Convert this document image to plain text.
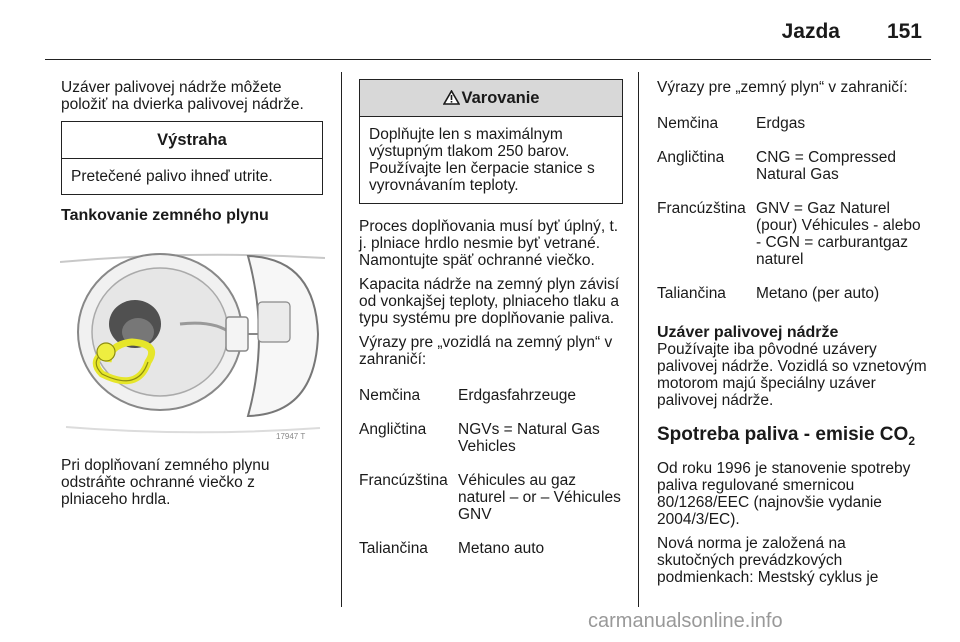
Jazda 151

Uzáver palivovej nádrže môžete položiť na dvierka palivovej nádrže.

Výstraha
Pretečené palivo ihneď utrite.

Tankovanie zemného plynu

17947 T

Pri doplňovaní zemného plynu odstráňte ochranné viečko z plniaceho hrdla.

Varovanie
Doplňujte len s maximálnym výstupným tlakom 250 barov. Používajte len čerpacie stanice s vyrovnávaním teploty.

Proces doplňovania musí byť úplný, t. j. plniace hrdlo nesmie byť vetrané. Namontujte späť ochranné viečko.

Kapacita nádrže na zemný plyn závisí od vonkajšej teploty, plniaceho tlaku a typu systému pre doplňovanie paliva.

Výrazy pre „vozidlá na zemný plyn“ v zahraničí:

Nemčina	Erdgasfahrzeuge
Angličtina	NGVs = Natural Gas Vehicles
Francúzština Véhicules au gaz naturel – or – Véhicules GNV
Taliančina	Metano auto

Výrazy pre „zemný plyn“ v zahraničí:

Nemčina	Erdgas
Angličtina	CNG = Compressed Natural Gas
Francúzština GNV = Gaz Naturel (pour) Véhicules - alebo - CGN = carburantgaz naturel
Taliančina	Metano (per auto)

Uzáver palivovej nádrže

Používajte iba pôvodné uzávery palivovej nádrže. Vozidlá so vznetovým motorom majú špeciálny uzáver palivovej nádrže.

Spotreba paliva - emisie $CO_2$

Od roku 1996 je stanovenie spotreby paliva regulované smernicou 80/1268/EEC (najnovšie vydanie 2004/3/EC).

Nová norma je založená na skutočných prevádzkových podmienkach: Mestský cyklus je

carmanualsonline.info
